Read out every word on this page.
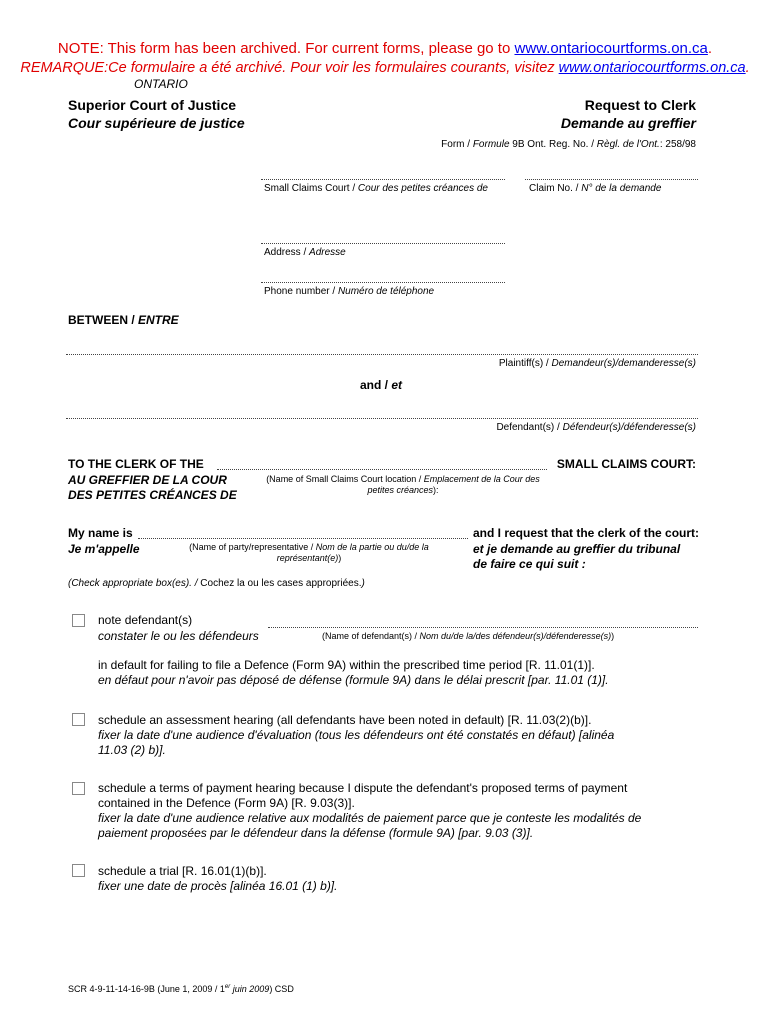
NOTE: This form has been archived. For current forms, please go to www.ontariocourtforms.on.ca.
REMARQUE:Ce formulaire a été archivé. Pour voir les formulaires courants, visitez www.ontariocourtforms.on.ca.
ONTARIO
Superior Court of Justice
Cour supérieure de justice
Request to Clerk
Demande au greffier
Form / Formule 9B Ont. Reg. No. / Règl. de l'Ont.: 258/98
Small Claims Court / Cour des petites créances de	Claim No. / N° de la demande
Address / Adresse
Phone number / Numéro de téléphone
BETWEEN / ENTRE
Plaintiff(s) / Demandeur(s)/demanderesse(s)
and / et
Defendant(s) / Défendeur(s)/défenderesse(s)
TO THE CLERK OF THE
AU GREFFIER DE LA COUR
DES PETITES CRÉANCES DE
SMALL CLAIMS COURT:
(Name of Small Claims Court location / Emplacement de la Cour des petites créances):
My name is
Je m'appelle	(Name of party/representative / Nom de la partie ou du/de la représentant(e))
and I request that the clerk of the court:
et je demande au greffier du tribunal
de faire ce qui suit :
(Check appropriate box(es). / Cochez la ou les cases appropriées.)
note defendant(s)
constater le ou les défendeurs	(Name of defendant(s) / Nom du/de la/des défendeur(s)/défenderesse(s))
in default for failing to file a Defence (Form 9A) within the prescribed time period [R. 11.01(1)].
en défaut pour n'avoir pas déposé de défense (formule 9A) dans le délai prescrit [par. 11.01 (1)].
schedule an assessment hearing (all defendants have been noted in default) [R. 11.03(2)(b)].
fixer la date d'une audience d'évaluation (tous les défendeurs ont été constatés en défaut) [alinéa
11.03 (2) b)].
schedule a terms of payment hearing because I dispute the defendant's proposed terms of payment
contained in the Defence (Form 9A) [R. 9.03(3)].
fixer la date d'une audience relative aux modalités de paiement parce que je conteste les modalités de
paiement proposées par le défendeur dans la défense (formule 9A) [par. 9.03 (3)].
schedule a trial [R. 16.01(1)(b)].
fixer une date de procès [alinéa 16.01 (1) b)].
SCR 4-9-11-14-16-9B (June 1, 2009 / 1er juin 2009) CSD
